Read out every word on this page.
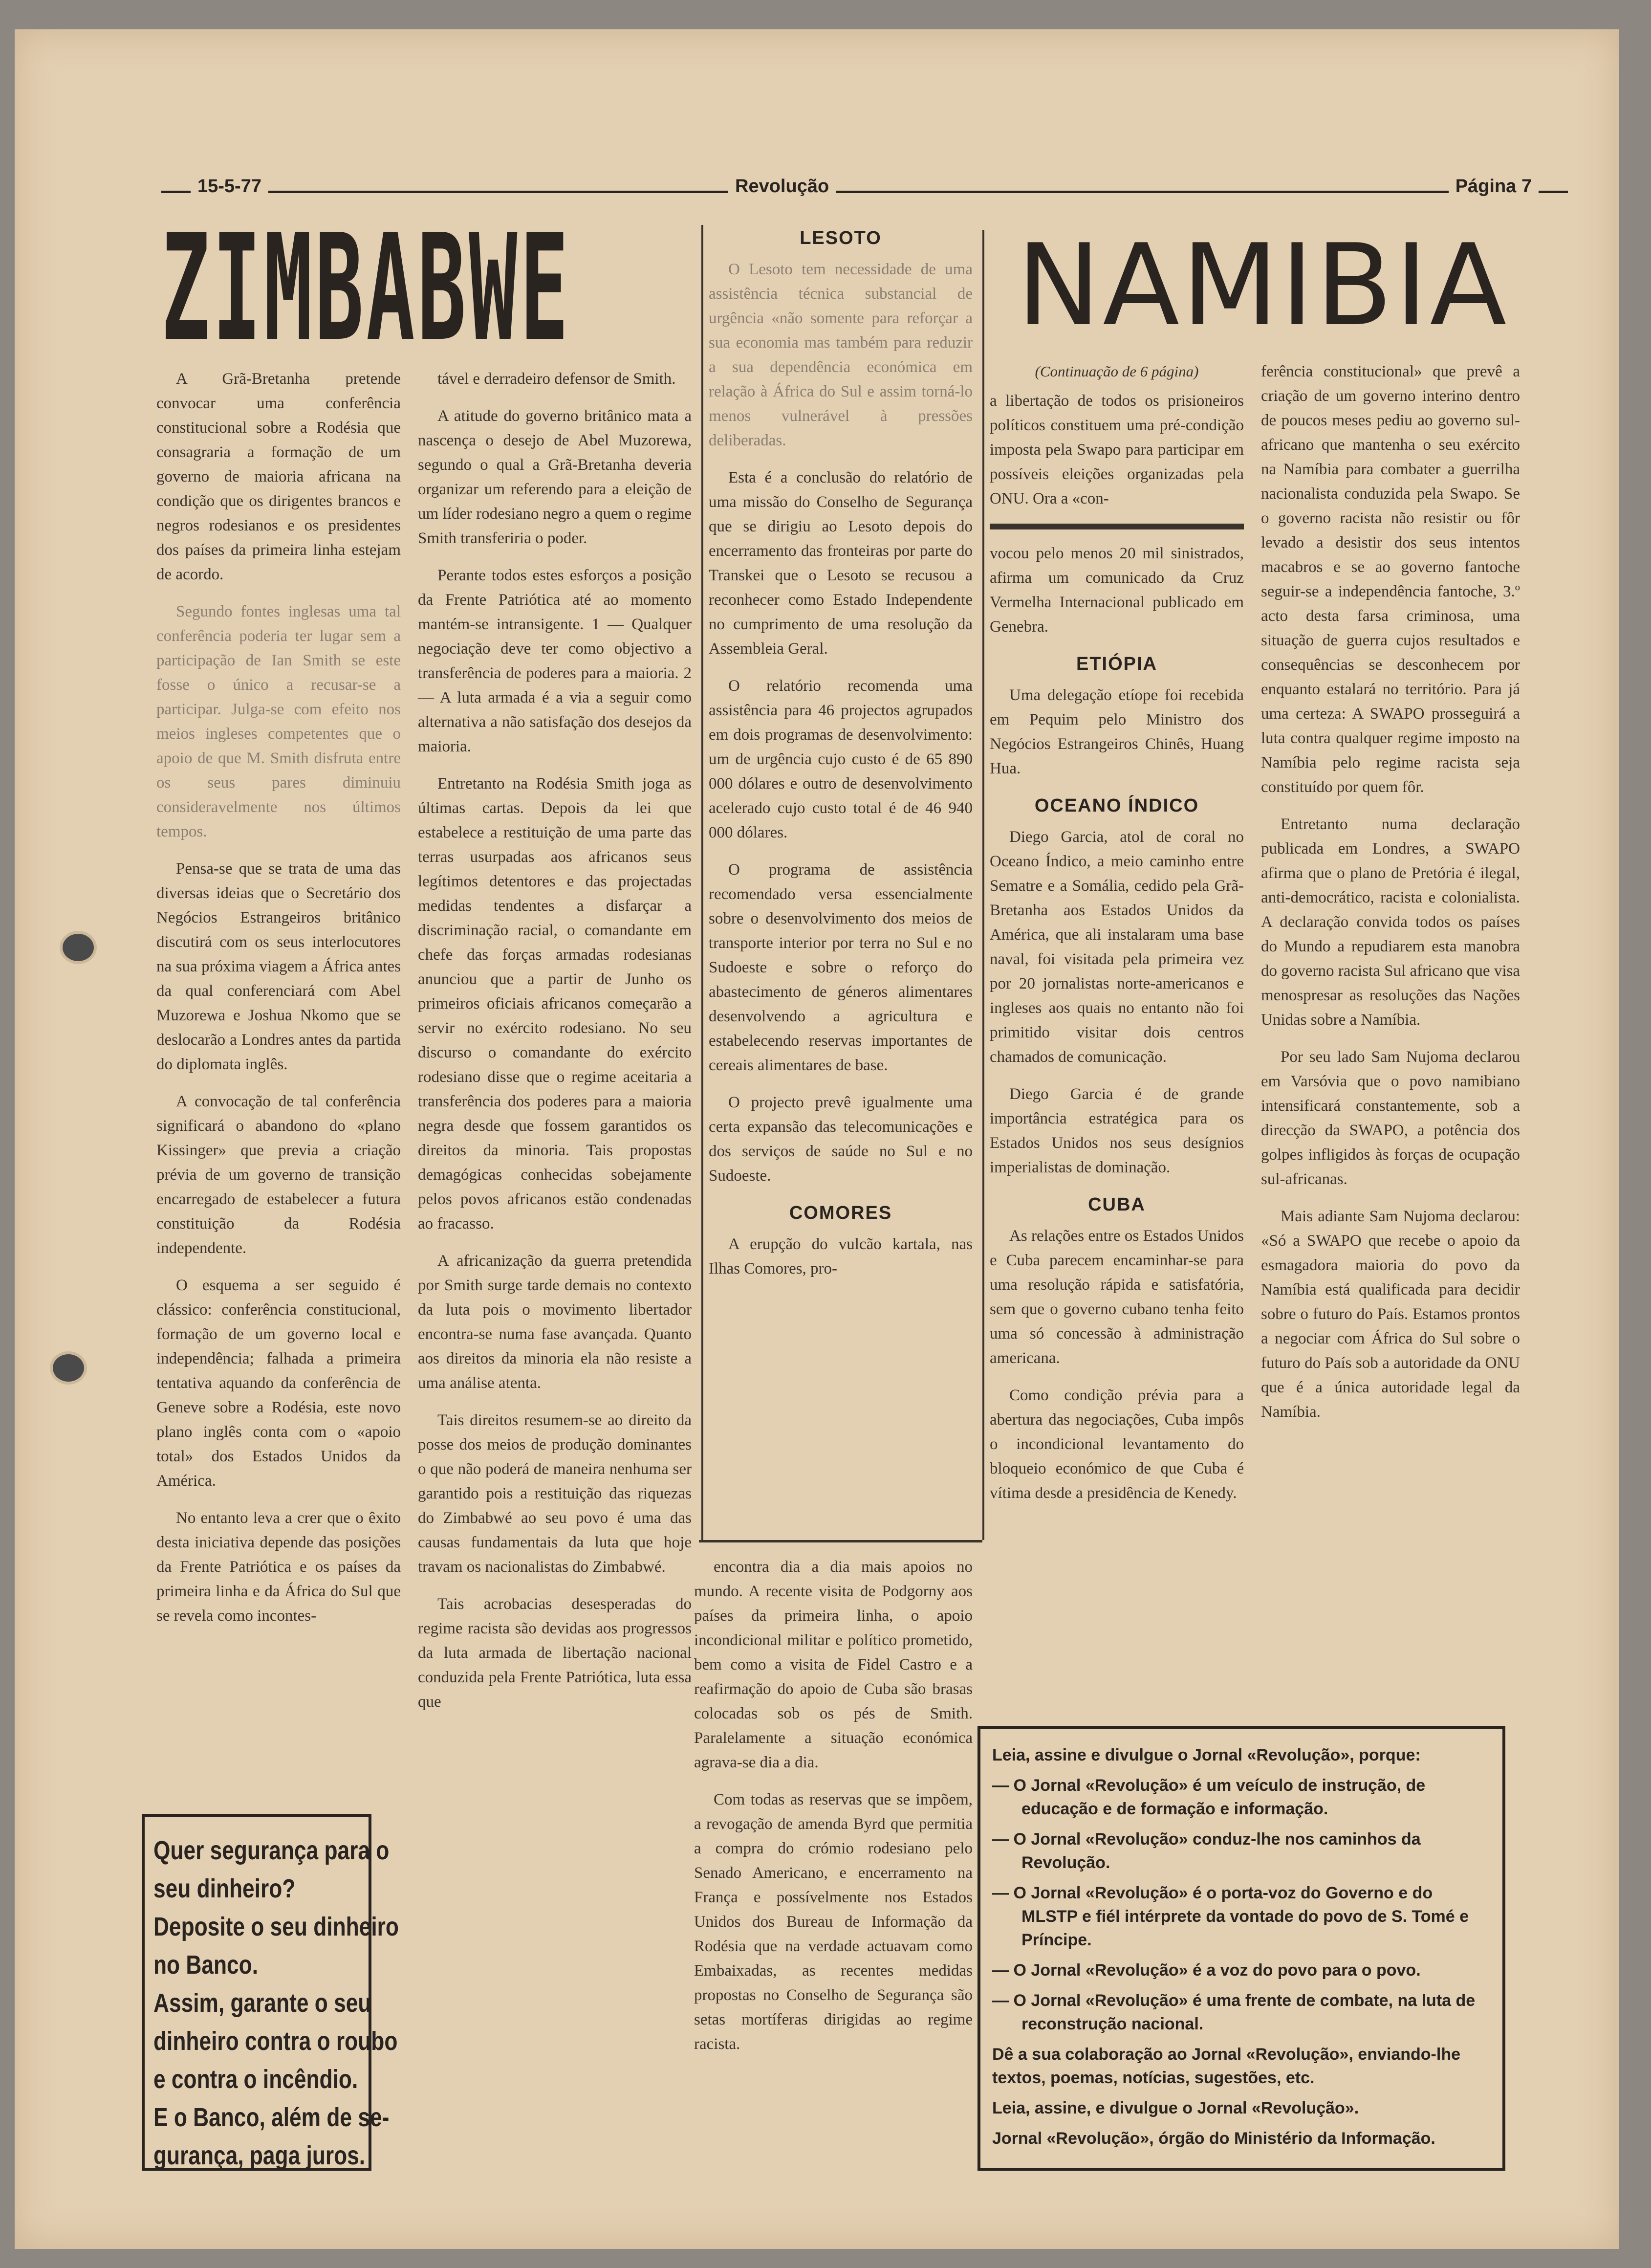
15-5-77	Revolução	Página 7
ZIMBABWE

A Grã-Bretanha pretende convocar uma conferência constitucional sobre a Rodésia que consagraria a formação de um governo de maioria africana na condição que os dirigentes brancos e negros rodesianos e os presidentes dos países da primeira linha estejam de acordo.

Segundo fontes inglesas uma tal conferência poderia ter lugar sem a participação de Ian Smith se este fosse o único a recusar-se a participar. Julga-se com efeito nos meios ingleses competentes que o apoio de que M. Smith disfruta entre os seus pares diminuiu consideravelmente nos últimos tempos.

Pensa-se que se trata de uma das diversas ideias que o Secretário dos Negócios Estrangeiros britânico discutirá com os seus interlocutores na sua próxima viagem a África antes da qual conferenciará com Abel Muzorewa e Joshua Nkomo que se deslocarão a Londres antes da partida do diplomata inglês.

A convocação de tal conferência significará o abandono do «plano Kissinger» que previa a criação prévia de um governo de transição encarregado de estabelecer a futura constituição da Rodésia independente.

O esquema a ser seguido é clássico: conferência constitucional, formação de um governo local e independência; falhada a primeira tentativa aquando da conferência de Geneve sobre a Rodésia, este novo plano inglês conta com o «apoio total» dos Estados Unidos da América.

No entanto leva a crer que o êxito desta iniciativa depende das posições da Frente Patriótica e os países da primeira linha e da África do Sul que se revela como incontes-

tável e derradeiro defensor de Smith.

A atitude do governo britânico mata a nascença o desejo de Abel Muzorewa, segundo o qual a Grã-Bretanha deveria organizar um referendo para a eleição de um líder rodesiano negro a quem o regime Smith transferiria o poder.

Perante todos estes esforços a posição da Frente Patriótica até ao momento mantém-se intransigente. 1 — Qualquer negociação deve ter como objectivo a transferência de poderes para a maioria. 2 — A luta armada é a via a seguir como alternativa a não satisfação dos desejos da maioria.

Entretanto na Rodésia Smith joga as últimas cartas. Depois da lei que estabelece a restituição de uma parte das terras usurpadas aos africanos seus legítimos detentores e das projectadas medidas tendentes a disfarçar a discriminação racial, o comandante em chefe das forças armadas rodesianas anunciou que a partir de Junho os primeiros oficiais africanos começarão a servir no exército rodesiano. No seu discurso o comandante do exército rodesiano disse que o regime aceitaria a transferência dos poderes para a maioria negra desde que fossem garantidos os direitos da minoria. Tais propostas demagógicas conhecidas sobejamente pelos povos africanos estão condenadas ao fracasso.

A africanização da guerra pretendida por Smith surge tarde demais no contexto da luta pois o movimento libertador encontra-se numa fase avançada. Quanto aos direitos da minoria ela não resiste a uma análise atenta.

Tais direitos resumem-se ao direito da posse dos meios de produção dominantes o que não poderá de maneira nenhuma ser garantido pois a restituição das riquezas do Zimbabwé ao seu povo é uma das causas fundamentais da luta que hoje travam os nacionalistas do Zimbabwé.

Tais acrobacias desesperadas do regime racista são devidas aos progressos da luta armada de libertação nacional conduzida pela Frente Patriótica, luta essa que

LESOTO

O Lesoto tem necessidade de uma assistência técnica substancial de urgência «não somente para reforçar a sua economia mas também para reduzir a sua dependência económica em relação à África do Sul e assim torná-lo menos vulnerável à pressões deliberadas.

Esta é a conclusão do relatório de uma missão do Conselho de Segurança que se dirigiu ao Lesoto depois do encerramento das fronteiras por parte do Transkei que o Lesoto se recusou a reconhecer como Estado Independente no cumprimento de uma resolução da Assembleia Geral.

O relatório recomenda uma assistência para 46 projectos agrupados em dois programas de desenvolvimento: um de urgência cujo custo é de 65 890 000 dólares e outro de desenvolvimento acelerado cujo custo total é de 46 940 000 dólares.

O programa de assistência recomendado versa essencialmente sobre o desenvolvimento dos meios de transporte interior por terra no Sul e no Sudoeste e sobre o reforço do abastecimento de géneros alimentares desenvolvendo a agricultura e estabelecendo reservas importantes de cereais alimentares de base.

O projecto prevê igualmente uma certa expansão das telecomunicações e dos serviços de saúde no Sul e no Sudoeste.

COMORES

A erupção do vulcão kartala, nas Ilhas Comores, pro-

encontra dia a dia mais apoios no mundo. A recente visita de Podgorny aos países da primeira linha, o apoio incondicional militar e político prometido, bem como a visita de Fidel Castro e a reafirmação do apoio de Cuba são brasas colocadas sob os pés de Smith. Paralelamente a situação económica agrava-se dia a dia.

Com todas as reservas que se impõem, a revogação de amenda Byrd que permitia a compra do crómio rodesiano pelo Senado Americano, e encerramento na França e possívelmente nos Estados Unidos dos Bureau de Informação da Rodésia que na verdade actuavam como Embaixadas, as recentes medidas propostas no Conselho de Segurança são setas mortíferas dirigidas ao regime racista.

NAMIBIA
(Continuação de 6 página)

a libertação de todos os prisioneiros políticos constituem uma pré-condição imposta pela Swapo para participar em possíveis eleições organizadas pela ONU. Ora a «con-

vocou pelo menos 20 mil sinistrados, afirma um comunicado da Cruz Vermelha Internacional publicado em Genebra.

ETIÓPIA

Uma delegação etíope foi recebida em Pequim pelo Ministro dos Negócios Estrangeiros Chinês, Huang Hua.

OCEANO ÍNDICO

Diego Garcia, atol de coral no Oceano Índico, a meio caminho entre Sematre e a Somália, cedido pela Grã-Bretanha aos Estados Unidos da América, que ali instalaram uma base naval, foi visitada pela primeira vez por 20 jornalistas norte-americanos e ingleses aos quais no entanto não foi primitido visitar dois centros chamados de comunicação.

Diego Garcia é de grande importância estratégica para os Estados Unidos nos seus desígnios imperialistas de dominação.

CUBA

As relações entre os Estados Unidos e Cuba parecem encaminhar-se para uma resolução rápida e satisfatória, sem que o governo cubano tenha feito uma só concessão à administração americana.

Como condição prévia para a abertura das negociações, Cuba impôs o incondicional levantamento do bloqueio económico de que Cuba é vítima desde a presidência de Kenedy.

ferência constitucional» que prevê a criação de um governo interino dentro de poucos meses pediu ao governo sul-africano que mantenha o seu exército na Namíbia para combater a guerrilha nacionalista conduzida pela Swapo. Se o governo racista não resistir ou fôr levado a desistir dos seus intentos macabros e se ao governo fantoche seguir-se a independência fantoche, 3.º acto desta farsa criminosa, uma situação de guerra cujos resultados e consequências se desconhecem por enquanto estalará no território. Para já uma certeza: A SWAPO prosseguirá a luta contra qualquer regime imposto na Namíbia pelo regime racista seja constituído por quem fôr.

Entretanto numa declaração publicada em Londres, a SWAPO afirma que o plano de Pretória é ilegal, anti-democrático, racista e colonialista. A declaração convida todos os países do Mundo a repudiarem esta manobra do governo racista Sul africano que visa menospresar as resoluções das Nações Unidas sobre a Namíbia.

Por seu lado Sam Nujoma declarou em Varsóvia que o povo namibiano intensificará constantemente, sob a direcção da SWAPO, a potência dos golpes infligidos às forças de ocupação sul-africanas.

Mais adiante Sam Nujoma declarou: «Só a SWAPO que recebe o apoio da esmagadora maioria do povo da Namíbia está qualificada para decidir sobre o futuro do País. Estamos prontos a negociar com África do Sul sobre o futuro do País sob a autoridade da ONU que é a única autoridade legal da Namíbia.

Quer segurança para o
seu dinheiro?
Deposite o seu dinheiro
no Banco.
Assim, garante o seu
dinheiro contra o roubo
e contra o incêndio.
E o Banco, além de se-
gurança, paga juros.
Leia, assine e divulgue o Jornal «Revolução», porque:
— O Jornal «Revolução» é um veículo de instrução, de educação e de formação e informação.
— O Jornal «Revolução» conduz-lhe nos caminhos da Revolução.
— O Jornal «Revolução» é o porta-voz do Governo e do MLSTP e fiél intérprete da vontade do povo de S. Tomé e Príncipe.
— O Jornal «Revolução» é a voz do povo para o povo.
— O Jornal «Revolução» é uma frente de combate, na luta de reconstrução nacional.
Dê a sua colaboração ao Jornal «Revolução», enviando-lhe textos, poemas, notícias, sugestões, etc.
Leia, assine, e divulgue o Jornal «Revolução».
Jornal «Revolução», órgão do Ministério da Informação.
